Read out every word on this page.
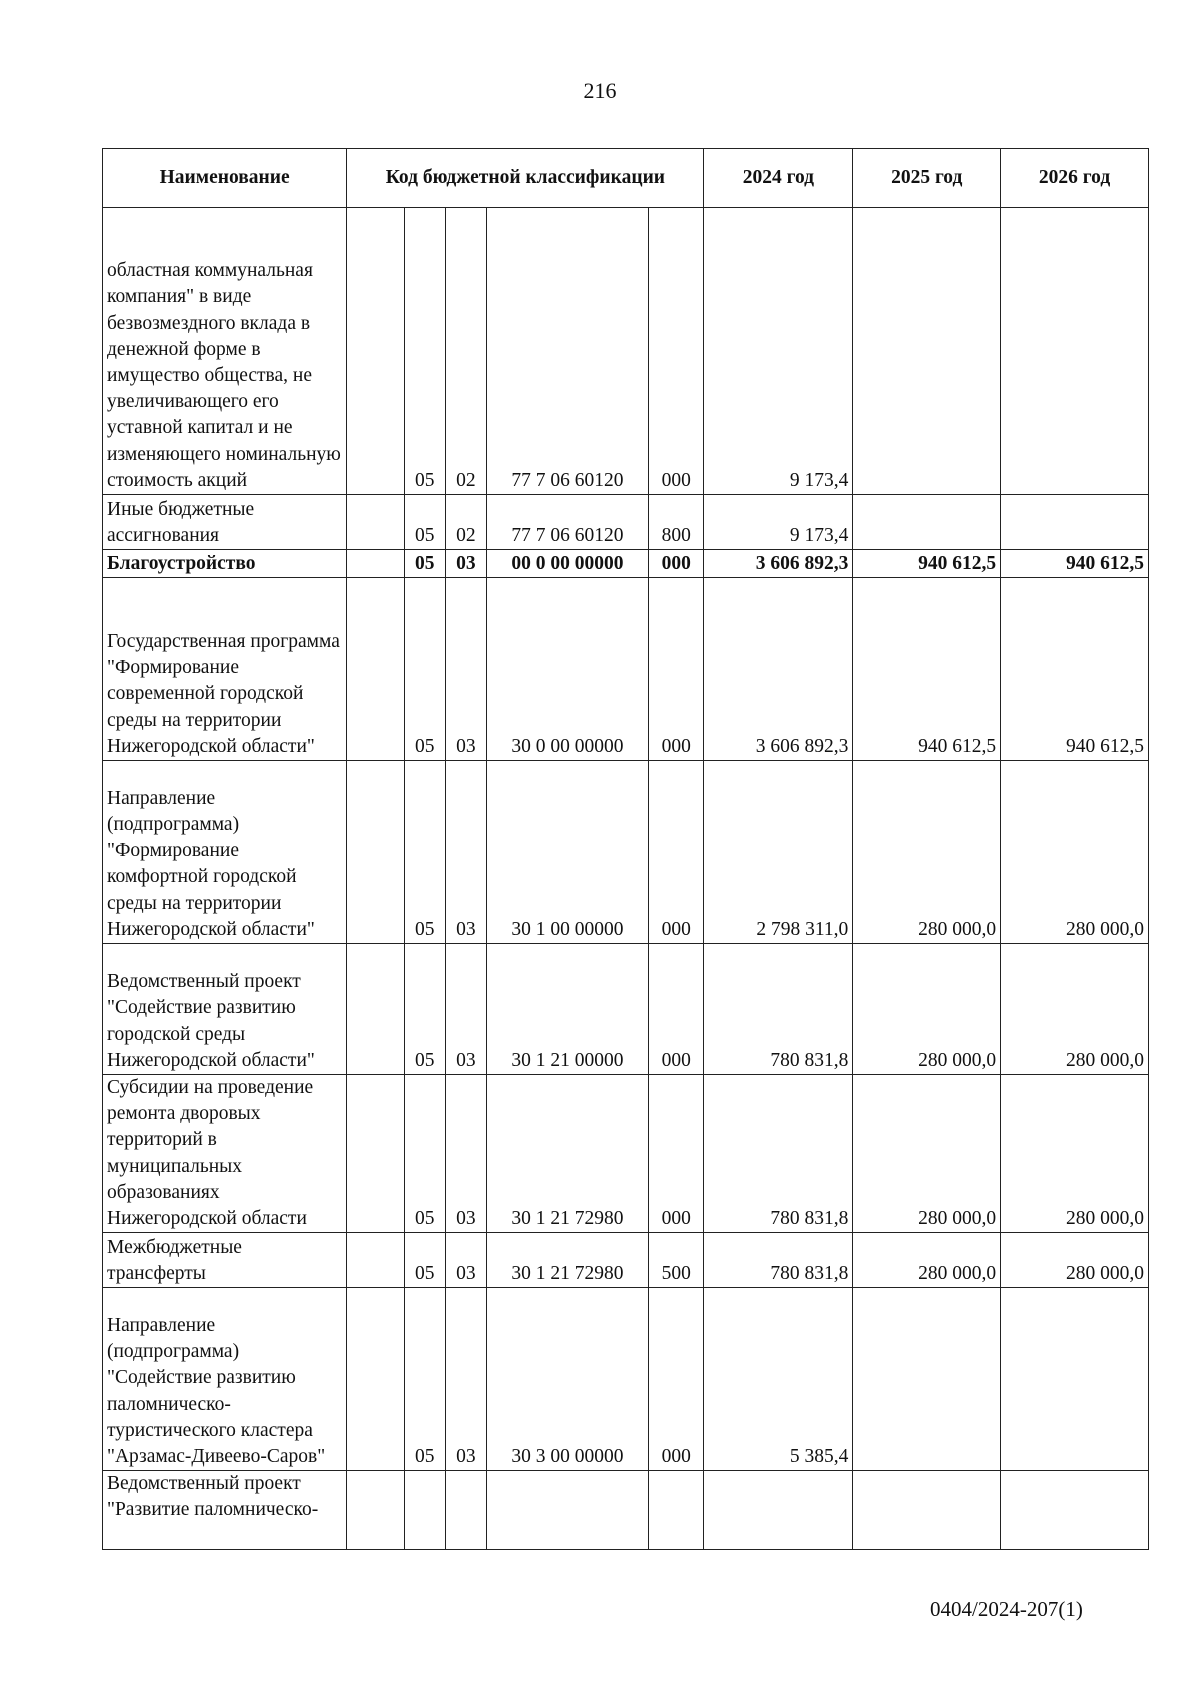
216
Наименование	Код бюджетной классификации					2024 год	2025 год	2026 год
областная коммунальная компания" в виде безвозмездного вклада в денежной форме в имущество общества, не увеличивающего его уставной капитал и не изменяющего номинальную стоимость акций		05	02	77 7 06 60120	000	9 173,4		
Иные бюджетные ассигнования		05	02	77 7 06 60120	800	9 173,4		
Благоустройство		05	03	00 0 00 00000	000	3 606 892,3	940 612,5	940 612,5
Государственная программа "Формирование современной городской среды на территории Нижегородской области"		05	03	30 0 00 00000	000	3 606 892,3	940 612,5	940 612,5
Направление (подпрограмма) "Формирование комфортной городской среды на территории Нижегородской области"		05	03	30 1 00 00000	000	2 798 311,0	280 000,0	280 000,0
Ведомственный проект "Содействие развитию городской среды Нижегородской области"		05	03	30 1 21 00000	000	780 831,8	280 000,0	280 000,0
Субсидии на проведение ремонта дворовых территорий в муниципальных образованиях Нижегородской области		05	03	30 1 21 72980	000	780 831,8	280 000,0	280 000,0
Межбюджетные трансферты		05	03	30 1 21 72980	500	780 831,8	280 000,0	280 000,0
Направление (подпрограмма) "Содействие развитию паломническо-туристического кластера "Арзамас-Дивеево-Саров"		05	03	30 3 00 00000	000	5 385,4		
Ведомственный проект "Развитие паломническо-								
0404/2024-207(1)
